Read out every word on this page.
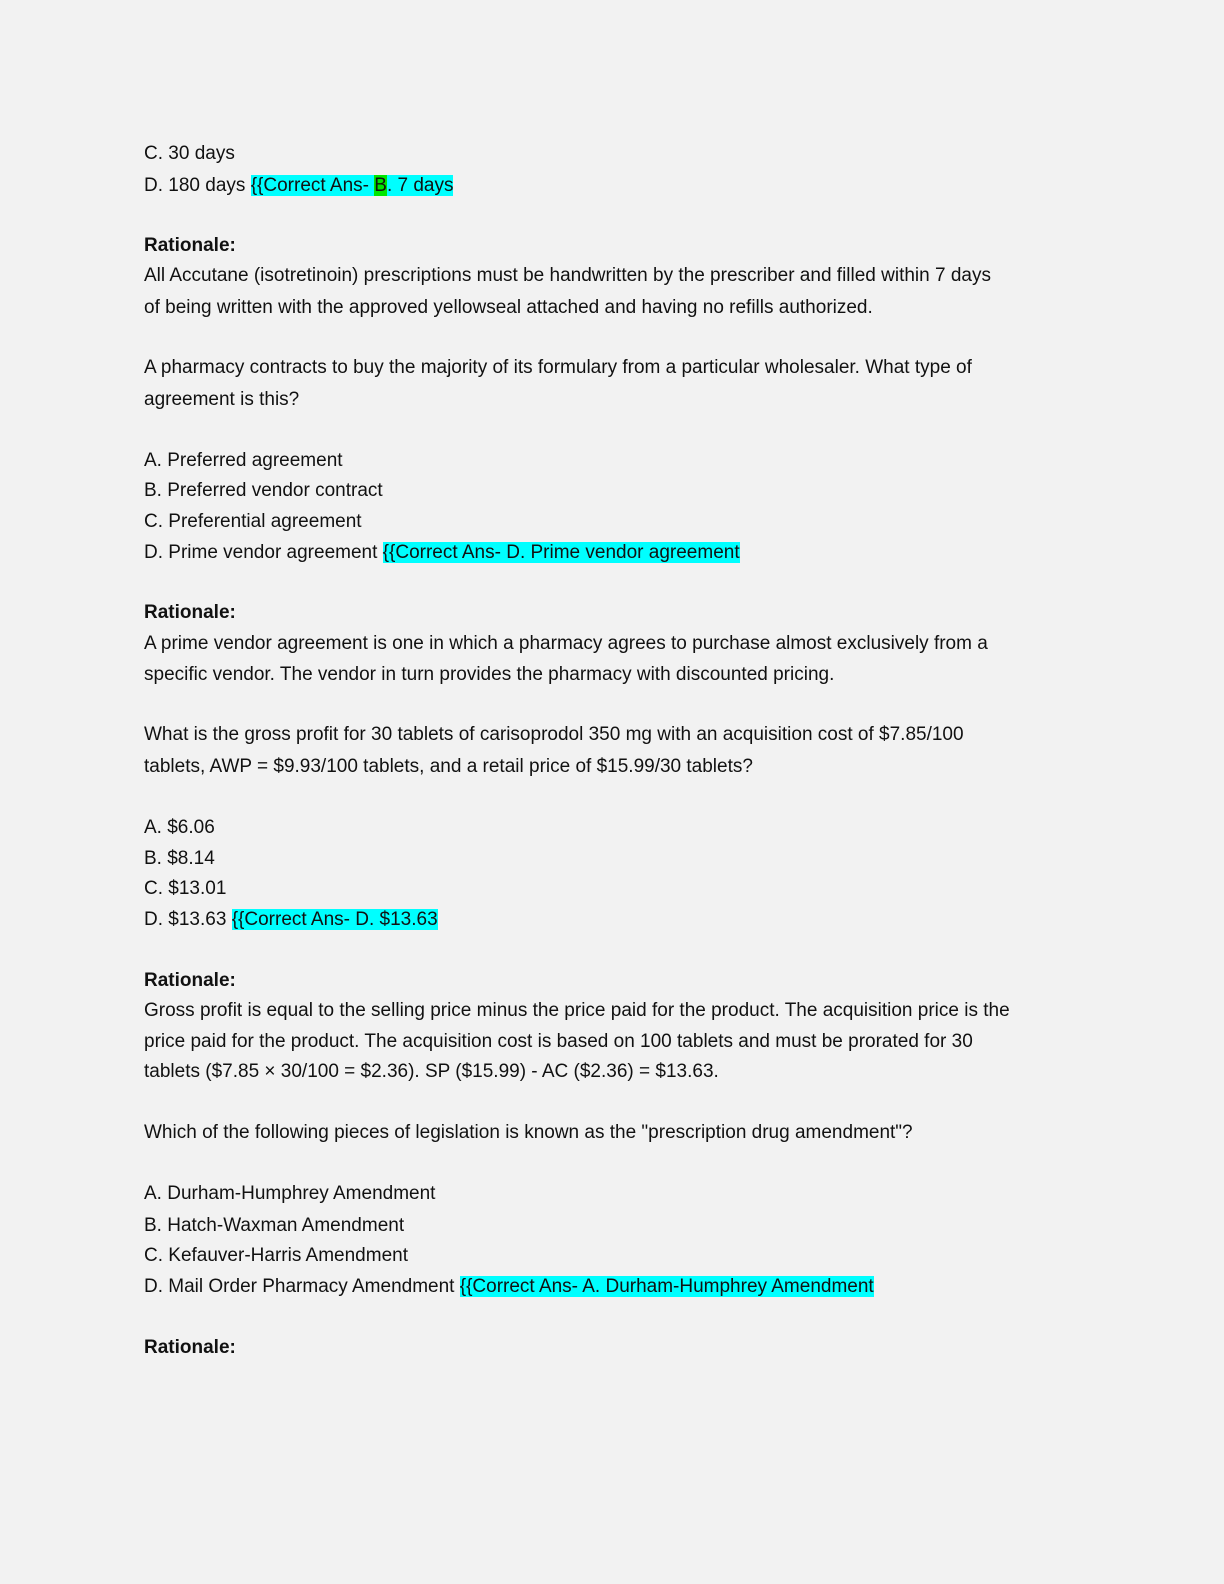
C. 30 days
D. 180 days {{Correct Ans- B. 7 days
Rationale:
All Accutane (isotretinoin) prescriptions must be handwritten by the prescriber and filled within 7 days
of being written with the approved yellowseal attached and having no refills authorized.
A pharmacy contracts to buy the majority of its formulary from a particular wholesaler. What type of
agreement is this?
A. Preferred agreement
B. Preferred vendor contract
C. Preferential agreement
D. Prime vendor agreement {{Correct Ans- D. Prime vendor agreement
Rationale:
A prime vendor agreement is one in which a pharmacy agrees to purchase almost exclusively from a
specific vendor. The vendor in turn provides the pharmacy with discounted pricing.
What is the gross profit for 30 tablets of carisoprodol 350 mg with an acquisition cost of $7.85/100
tablets, AWP = $9.93/100 tablets, and a retail price of $15.99/30 tablets?
A. $6.06
B. $8.14
C. $13.01
D. $13.63 {{Correct Ans- D. $13.63
Rationale:
Gross profit is equal to the selling price minus the price paid for the product. The acquisition price is the
price paid for the product. The acquisition cost is based on 100 tablets and must be prorated for 30
tablets ($7.85 × 30/100 = $2.36). SP ($15.99) - AC ($2.36) = $13.63.
Which of the following pieces of legislation is known as the "prescription drug amendment"?
A. Durham-Humphrey Amendment
B. Hatch-Waxman Amendment
C. Kefauver-Harris Amendment
D. Mail Order Pharmacy Amendment {{Correct Ans- A. Durham-Humphrey Amendment
Rationale:
